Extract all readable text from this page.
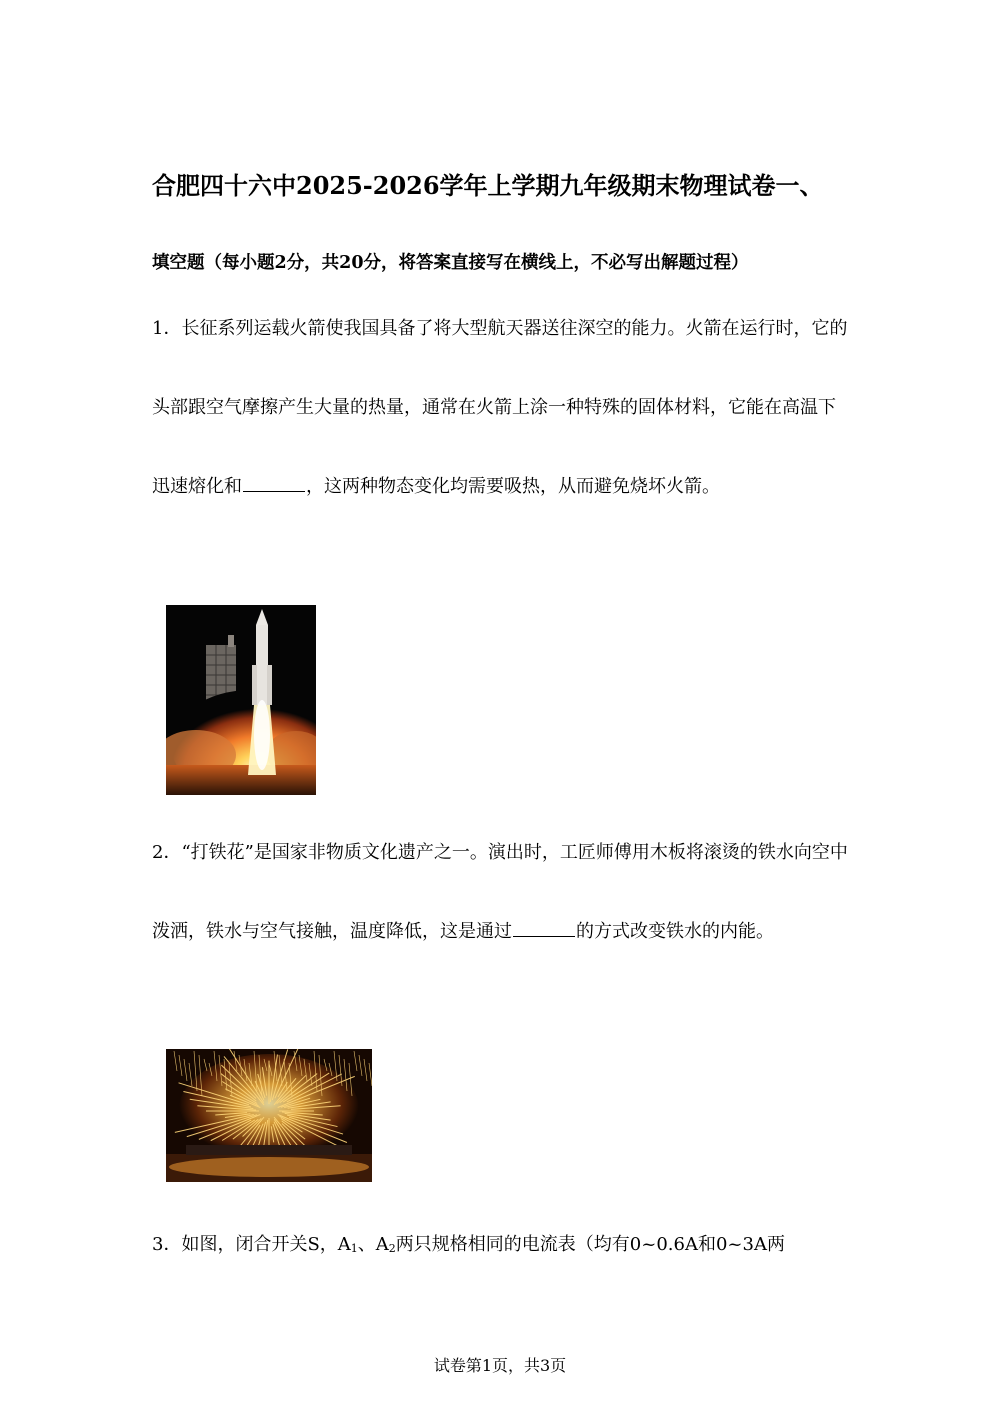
合肥四十六中2025-2026学年上学期九年级期末物理试卷一、
填空题（每小题2分，共20分，将答案直接写在横线上，不必写出解题过程）
1．长征系列运载火箭使我国具备了将大型航天器送往深空的能力。火箭在运行时，它的头部跟空气摩擦产生大量的热量，通常在火箭上涂一种特殊的固体材料，它能在高温下迅速熔化和	，这两种物态变化均需要吸热，从而避免烧坏火箭。
2．“打铁花”是国家非物质文化遗产之一。演出时，工匠师傅用木板将滚烫的铁水向空中泼洒，铁水与空气接触，温度降低，这是通过	的方式改变铁水的内能。
3．如图，闭合开关S，$A_1$、$A_2$两只规格相同的电流表（均有0~0.6A和0~3A两
试卷第1页，共3页
